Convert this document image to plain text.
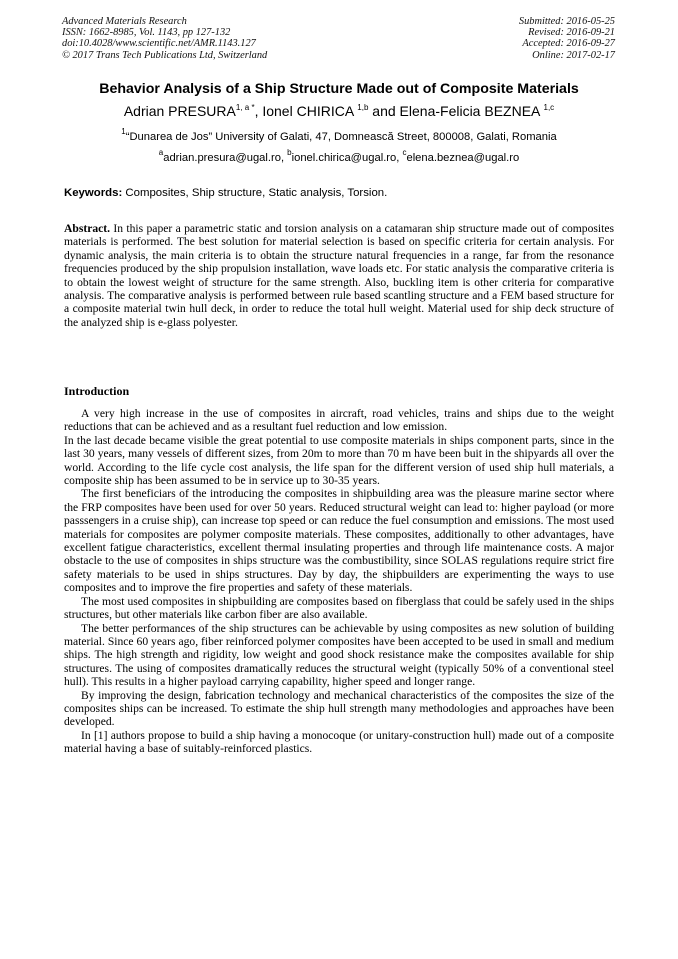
Advanced Materials Research
ISSN: 1662-8985, Vol. 1143, pp 127-132
doi:10.4028/www.scientific.net/AMR.1143.127
© 2017 Trans Tech Publications Ltd, Switzerland
Submitted: 2016-05-25
Revised: 2016-09-21
Accepted: 2016-09-27
Online: 2017-02-17
Behavior Analysis of a Ship Structure Made out of Composite Materials
Adrian $PRESURA^{1, a *}$, Ionel CHIRICA $^{1,b}$ and Elena-Felicia BEZNEA $^{1,c}$
$^1$“Dunarea de Jos” University of Galati, 47, Domnească Street, 800008, Galati, Romania
$^a$adrian.presura@ugal.ro, $^b$ionel.chirica@ugal.ro, $^c$elena.beznea@ugal.ro
Keywords: Composites, Ship structure, Static analysis, Torsion.
Abstract. In this paper a parametric static and torsion analysis on a catamaran ship structure made out of composites materials is performed. The best solution for material selection is based on specific criteria for certain analysis. For dynamic analysis, the main criteria is to obtain the structure natural frequencies in a range, far from the resonance frequencies produced by the ship propulsion installation, wave loads etc. For static analysis the comparative criteria is to obtain the lowest weight of structure for the same strength. Also, buckling item is other criteria for comparative analysis. The comparative analysis is performed between rule based scantling structure and a FEM based structure for a composite material twin hull deck, in order to reduce the total hull weight. Material used for ship deck structure of the analyzed ship is e-glass polyester.
Introduction

A very high increase in the use of composites in aircraft, road vehicles, trains and ships due to the weight reductions that can be achieved and as a resultant fuel reduction and low emission.

In the last decade became visible the great potential to use composite materials in ships component parts, since in the last 30 years, many vessels of different sizes, from 20m to more than 70 m have been buit in the shipyards all over the world. According to the life cycle cost analysis, the life span for the different version of used ship hull materials, a composite ship has been assumed to be in service up to 30-35 years.

The first beneficiars of the introducing the composites in shipbuilding area was the pleasure marine sector where the FRP composites have been used for over 50 years. Reduced structural weight can lead to: higher payload (or more passsengers in a cruise ship), can increase top speed or can reduce the fuel consumption and emissions. The most used materials for composites are polymer composite materials. These composites, additionally to other advantages, have excellent fatigue characteristics, excellent thermal insulating properties and through life maintenance costs. A major obstacle to the use of composites in ships structure was the combustibility, since SOLAS regulations require strict fire safety materials to be used in ships structures. Day by day, the shipbuilders are experimenting the ways to use composites and to improve the fire properties and safety of these materials.

The most used composites in shipbuilding are composites based on fiberglass that could be safely used in the ships structures, but other materials like carbon fiber are also available.

The better performances of the ship structures can be achievable by using composites as new solution of building material. Since 60 years ago, fiber reinforced polymer composites have been accepted to be used in small and medium ships. The high strength and rigidity, low weight and good shock resistance make the composites available for ship structures. The using of composites dramatically reduces the structural weight (typically 50% of a conventional steel hull). This results in a higher payload carrying capability, higher speed and longer range.

By improving the design, fabrication technology and mechanical characteristics of the composites the size of the composites ships can be increased. To estimate the ship hull strength many methodologies and approaches have been developed.

In [1] authors propose to build a ship having a monocoque (or unitary-construction hull) made out of a composite material having a base of suitably-reinforced plastics.
